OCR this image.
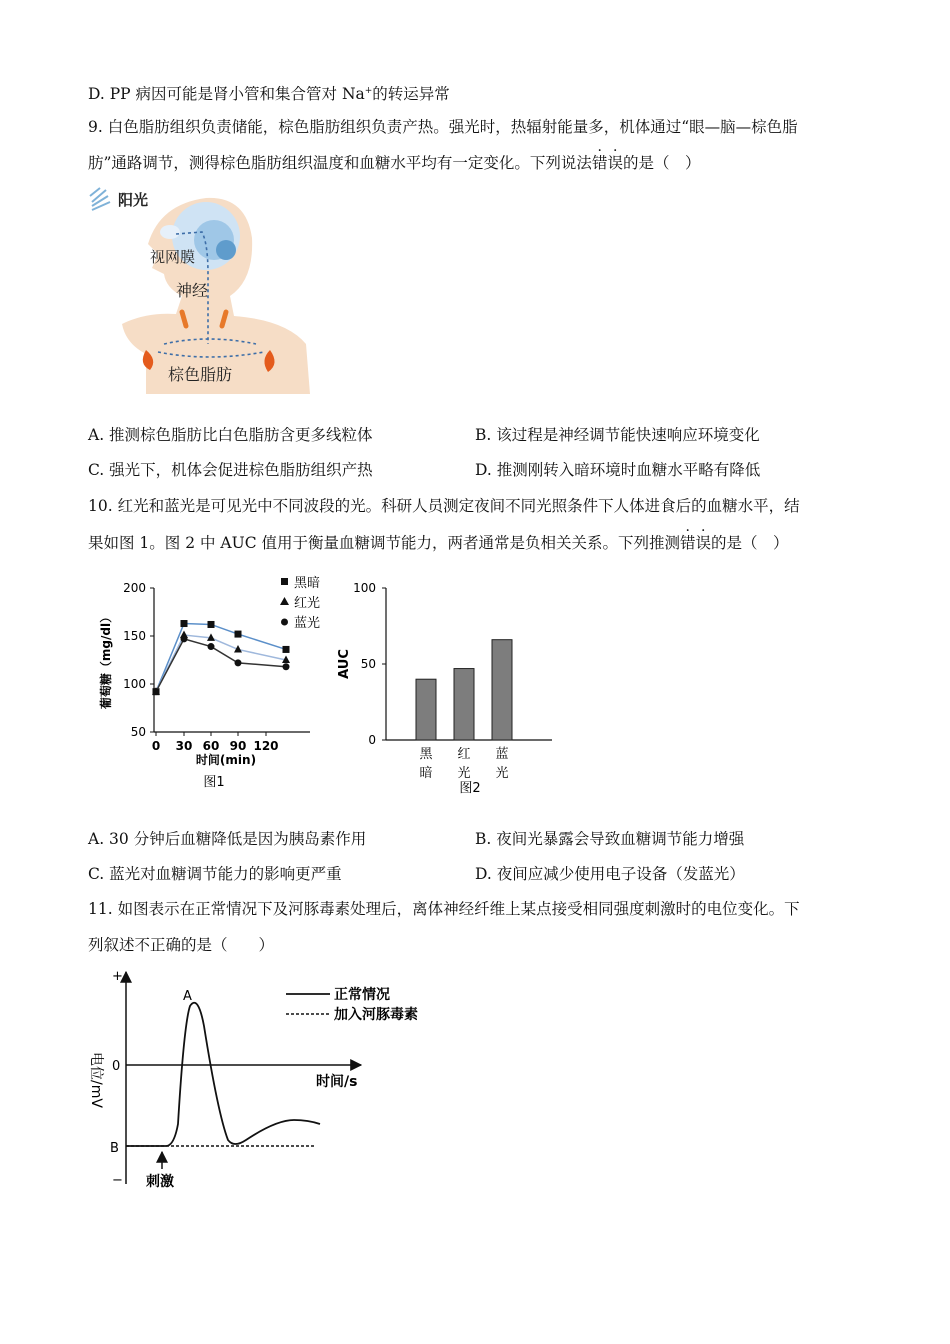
D. PP 病因可能是肾小管和集合管对 Na+的转运异常
9. 白色脂肪组织负责储能，棕色脂肪组织负责产热。强光时，热辐射能量多，机体通过“眼—脑—棕色脂
肪”通路调节，测得棕色脂肪组织温度和血糖水平均有一定变化。下列说法错误的是（　）
阳光
视网膜
神经
棕色脂肪
A. 推测棕色脂肪比白色脂肪含更多线粒体	B. 该过程是神经调节能快速响应环境变化
C. 强光下，机体会促进棕色脂肪组织产热	D. 推测刚转入暗环境时血糖水平略有降低
10. 红光和蓝光是可见光中不同波段的光。科研人员测定夜间不同光照条件下人体进食后的血糖水平，结
果如图 1。图 2 中 AUC 值用于衡量血糖调节能力，两者通常是负相关关系。下列推测错误的是（　）
50
100
150
200
0 30 60 90 120
时间(min)
葡萄糖（mg/dl）
图1
黑暗
红光
蓝光
0
50
100
AUC
黑
暗
红
光
蓝
光
图2
A. 30 分钟后血糖降低是因为胰岛素作用	B. 夜间光暴露会导致血糖调节能力增强
C. 蓝光对血糖调节能力的影响更严重	D. 夜间应减少使用电子设备（发蓝光）
11. 如图表示在正常情况下及河豚毒素处理后，离体神经纤维上某点接受相同强度刺激时的电位变化。下
列叙述不正确的是（　　）
+
0
B
−
电位/mV	时间/s
A
刺激
正常情况
加入河豚毒素
